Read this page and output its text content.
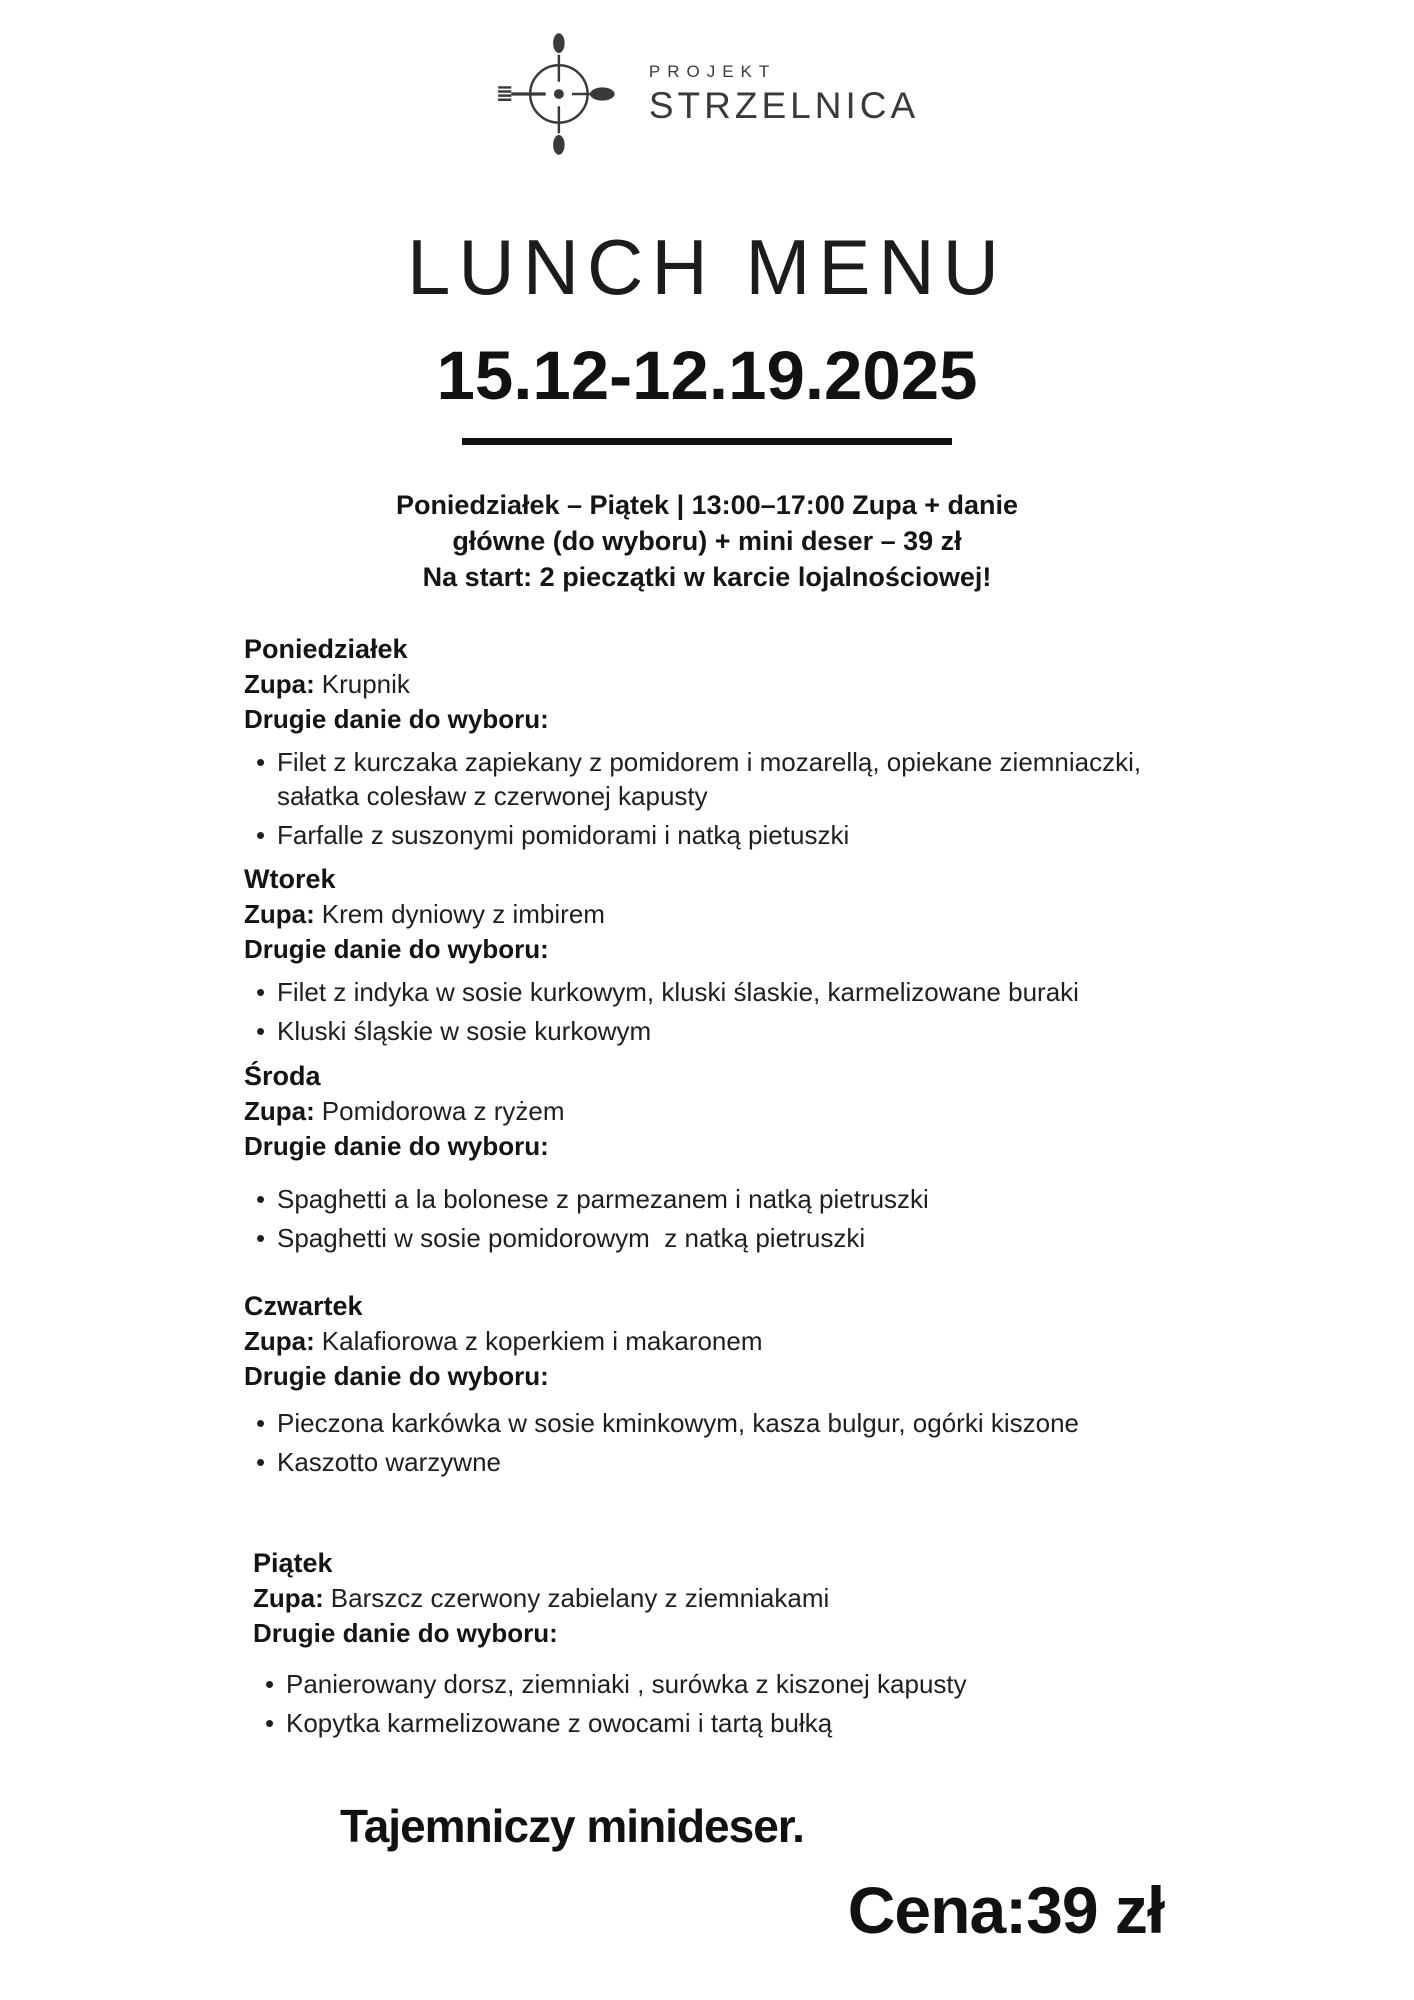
PROJEKT
STRZELNICA
LUNCH MENU
15.12-12.19.2025
Poniedziałek – Piątek | 13:00–17:00 Zupa + danie
główne (do wyboru) + mini deser – 39 zł
Na start: 2 pieczątki w karcie lojalnościowej!
Poniedziałek
Zupa: Krupnik
Drugie danie do wyboru:
• Filet z kurczaka zapiekany z pomidorem i mozarellą, opiekane ziemniaczki, sałatka colesław z czerwonej kapusty
• Farfalle z suszonymi pomidorami i natką pietuszki
Wtorek
Zupa: Krem dyniowy z imbirem
Drugie danie do wyboru:
• Filet z indyka w sosie kurkowym, kluski ślaskie, karmelizowane buraki
• Kluski śląskie w sosie kurkowym
Środa
Zupa: Pomidorowa z ryżem
Drugie danie do wyboru:
• Spaghetti a la bolonese z parmezanem i natką pietruszki
• Spaghetti w sosie pomidorowym  z natką pietruszki
Czwartek
Zupa: Kalafiorowa z koperkiem i makaronem
Drugie danie do wyboru:
• Pieczona karkówka w sosie kminkowym, kasza bulgur, ogórki kiszone
• Kaszotto warzywne
Piątek
Zupa: Barszcz czerwony zabielany z ziemniakami
Drugie danie do wyboru:
• Panierowany dorsz, ziemniaki , surówka z kiszonej kapusty
• Kopytka karmelizowane z owocami i tartą bułką
Tajemniczy minideser.
Cena:39 zł
